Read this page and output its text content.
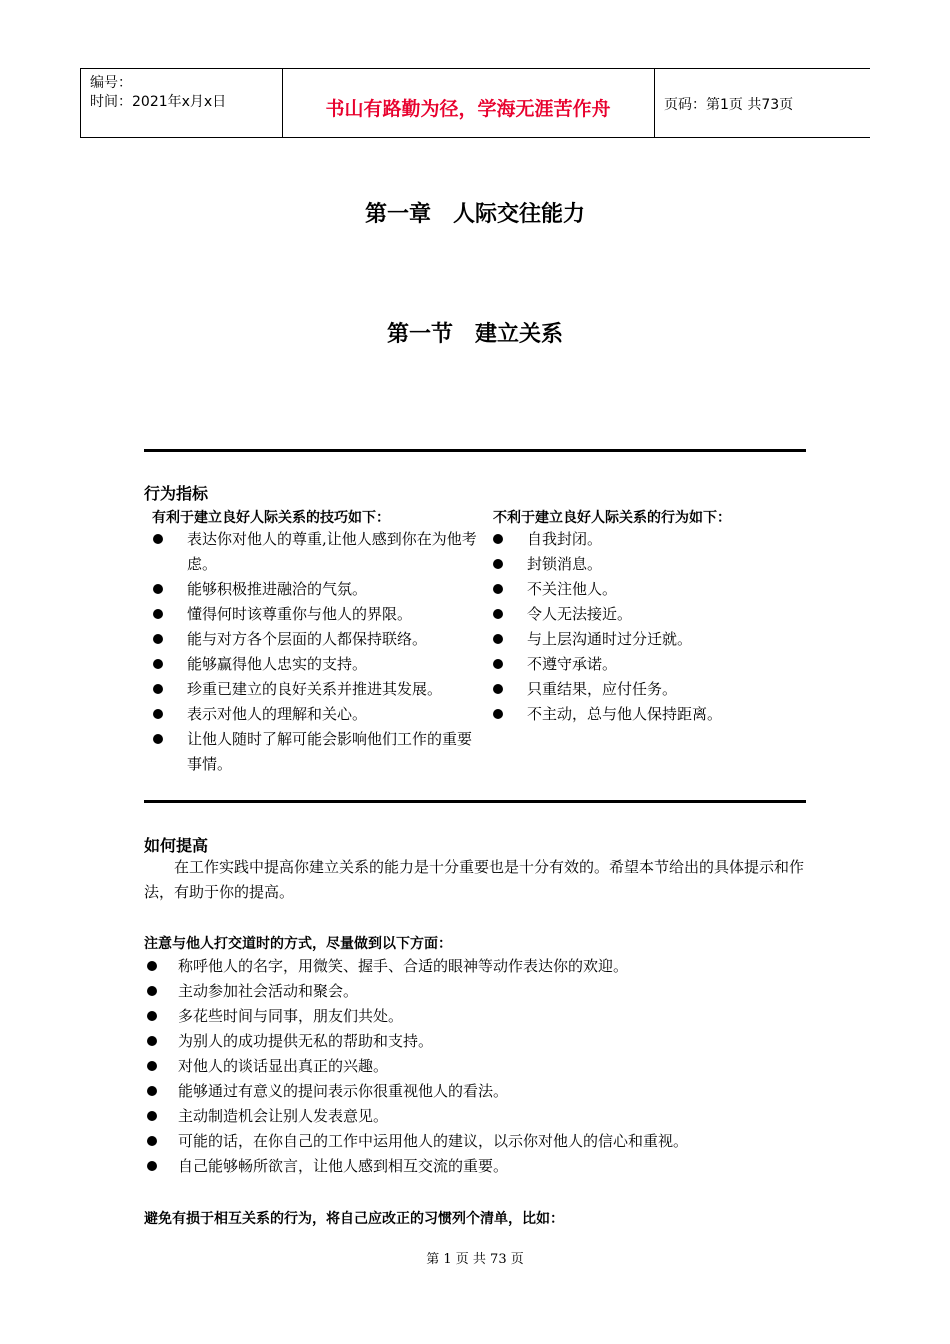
编号：
时间：2021年x月x日	书山有路勤为径，学海无涯苦作舟	页码：第1页 共73页
第一章　人际交往能力
第一节　建立关系
行为指标
有利于建立良好人际关系的技巧如下：	不利于建立良好人际关系的行为如下：
表达你对他人的尊重,让他人感到你在为他考虑。
能够积极推进融洽的气氛。
懂得何时该尊重你与他人的界限。
能与对方各个层面的人都保持联络。
能够赢得他人忠实的支持。
珍重已建立的良好关系并推进其发展。
表示对他人的理解和关心。
让他人随时了解可能会影响他们工作的重要事情。
自我封闭。
封锁消息。
不关注他人。
令人无法接近。
与上层沟通时过分迁就。
不遵守承诺。
只重结果，应付任务。
不主动，总与他人保持距离。
如何提高
在工作实践中提高你建立关系的能力是十分重要也是十分有效的。希望本节给出的具体提示和作法，有助于你的提高。
注意与他人打交道时的方式，尽量做到以下方面：
称呼他人的名字，用微笑、握手、合适的眼神等动作表达你的欢迎。
主动参加社会活动和聚会。
多花些时间与同事，朋友们共处。
为别人的成功提供无私的帮助和支持。
对他人的谈话显出真正的兴趣。
能够通过有意义的提问表示你很重视他人的看法。
主动制造机会让别人发表意见。
可能的话，在你自己的工作中运用他人的建议，以示你对他人的信心和重视。
自己能够畅所欲言，让他人感到相互交流的重要。
避免有损于相互关系的行为，将自己应改正的习惯列个清单，比如：
第 1 页 共 73 页
